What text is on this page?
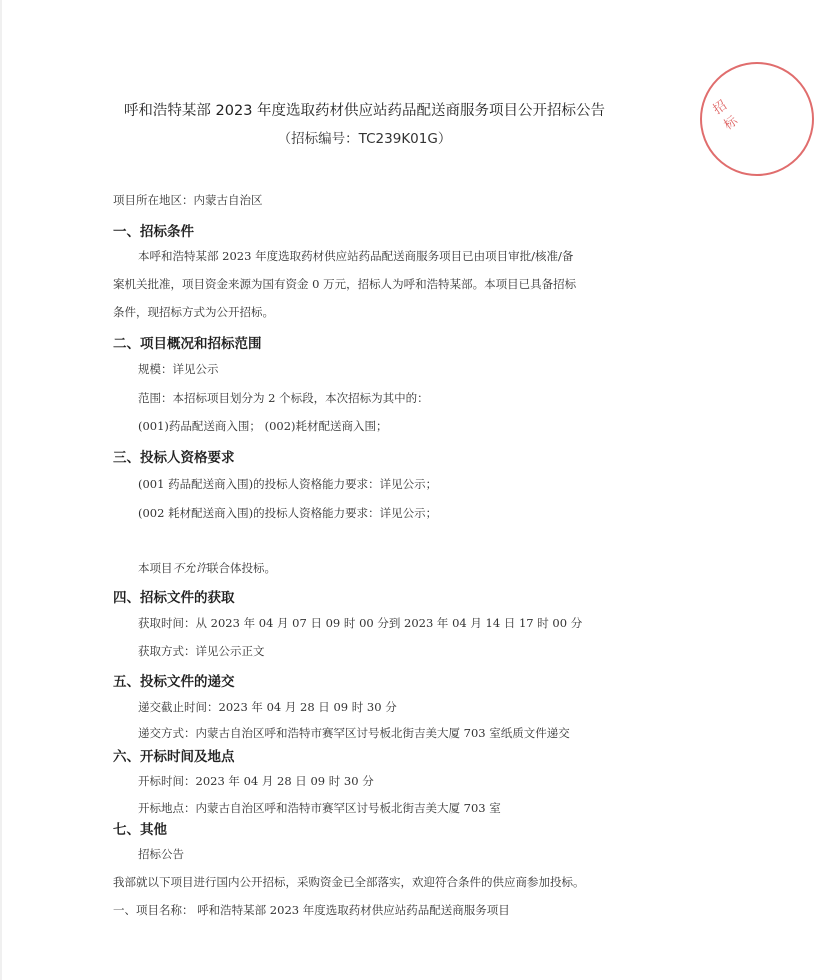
招标
呼和浩特某部 2023 年度选取药材供应站药品配送商服务项目公开招标公告
（招标编号：TC239K01G）
项目所在地区：内蒙古自治区
一、招标条件
本呼和浩特某部 2023 年度选取药材供应站药品配送商服务项目已由项目审批/核准/备
案机关批准，项目资金来源为国有资金 0 万元，招标人为呼和浩特某部。本项目已具备招标
条件，现招标方式为公开招标。
二、项目概况和招标范围
规模：详见公示
范围：本招标项目划分为 2 个标段，本次招标为其中的：
(001)药品配送商入围； (002)耗材配送商入围；
三、投标人资格要求
(001 药品配送商入围)的投标人资格能力要求：详见公示；
(002 耗材配送商入围)的投标人资格能力要求：详见公示；
本项目不允许联合体投标。
四、招标文件的获取
获取时间：从 2023 年 04 月 07 日 09 时 00 分到 2023 年 04 月 14 日 17 时 00 分
获取方式：详见公示正文
五、投标文件的递交
递交截止时间：2023 年 04 月 28 日 09 时 30 分
递交方式：内蒙古自治区呼和浩特市赛罕区讨号板北街吉美大厦 703 室纸质文件递交
六、开标时间及地点
开标时间：2023 年 04 月 28 日 09 时 30 分
开标地点：内蒙古自治区呼和浩特市赛罕区讨号板北街吉美大厦 703 室
七、其他
招标公告
我部就以下项目进行国内公开招标，采购资金已全部落实，欢迎符合条件的供应商参加投标。
一、项目名称： 呼和浩特某部 2023 年度选取药材供应站药品配送商服务项目
